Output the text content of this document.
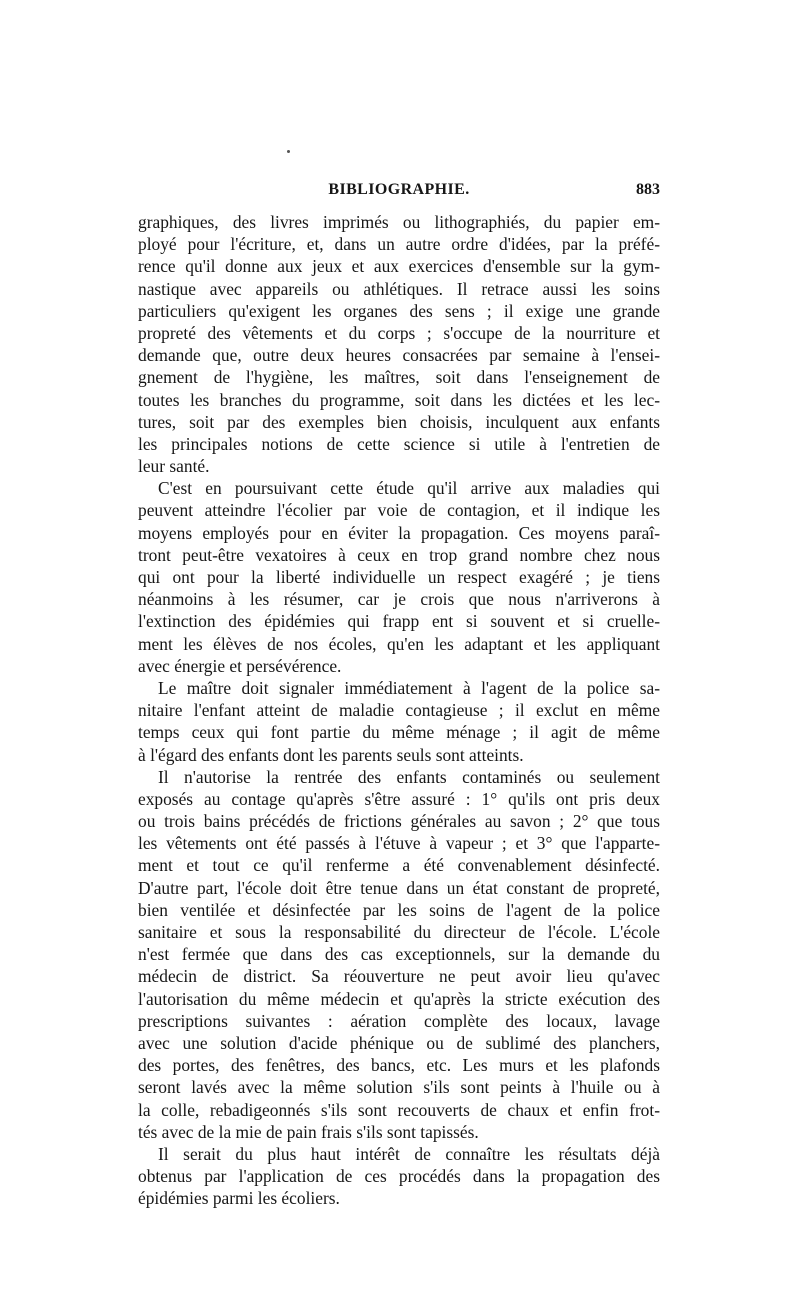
BIBLIOGRAPHIE.	883
graphiques, des livres imprimés ou lithographiés, du papier em-
ployé pour l'écriture, et, dans un autre ordre d'idées, par la préfé-
rence qu'il donne aux jeux et aux exercices d'ensemble sur la gym-
nastique avec appareils ou athlétiques. Il retrace aussi les soins
particuliers qu'exigent les organes des sens ; il exige une grande
propreté des vêtements et du corps ; s'occupe de la nourriture et
demande que, outre deux heures consacrées par semaine à l'ensei-
gnement de l'hygiène, les maîtres, soit dans l'enseignement de
toutes les branches du programme, soit dans les dictées et les lec-
tures, soit par des exemples bien choisis, inculquent aux enfants
les principales notions de cette science si utile à l'entretien de
leur santé.
C'est en poursuivant cette étude qu'il arrive aux maladies qui
peuvent atteindre l'écolier par voie de contagion, et il indique les
moyens employés pour en éviter la propagation. Ces moyens paraî-
tront peut-être vexatoires à ceux en trop grand nombre chez nous
qui ont pour la liberté individuelle un respect exagéré ; je tiens
néanmoins à les résumer, car je crois que nous n'arriverons à
l'extinction des épidémies qui frapp ent si souvent et si cruelle-
ment les élèves de nos écoles, qu'en les adaptant et les appliquant
avec énergie et persévérence.
Le maître doit signaler immédiatement à l'agent de la police sa-
nitaire l'enfant atteint de maladie contagieuse ; il exclut en même
temps ceux qui font partie du même ménage ; il agit de même
à l'égard des enfants dont les parents seuls sont atteints.
Il n'autorise la rentrée des enfants contaminés ou seulement
exposés au contage qu'après s'être assuré : 1° qu'ils ont pris deux
ou trois bains précédés de frictions générales au savon ; 2° que tous
les vêtements ont été passés à l'étuve à vapeur ; et 3° que l'apparte-
ment et tout ce qu'il renferme a été convenablement désinfecté.
D'autre part, l'école doit être tenue dans un état constant de propreté,
bien ventilée et désinfectée par les soins de l'agent de la police
sanitaire et sous la responsabilité du directeur de l'école. L'école
n'est fermée que dans des cas exceptionnels, sur la demande du
médecin de district. Sa réouverture ne peut avoir lieu qu'avec
l'autorisation du même médecin et qu'après la stricte exécution des
prescriptions suivantes : aération complète des locaux, lavage
avec une solution d'acide phénique ou de sublimé des planchers,
des portes, des fenêtres, des bancs, etc. Les murs et les plafonds
seront lavés avec la même solution s'ils sont peints à l'huile ou à
la colle, rebadigeonnés s'ils sont recouverts de chaux et enfin frot-
tés avec de la mie de pain frais s'ils sont tapissés.
Il serait du plus haut intérêt de connaître les résultats déjà
obtenus par l'application de ces procédés dans la propagation des
épidémies parmi les écoliers.
